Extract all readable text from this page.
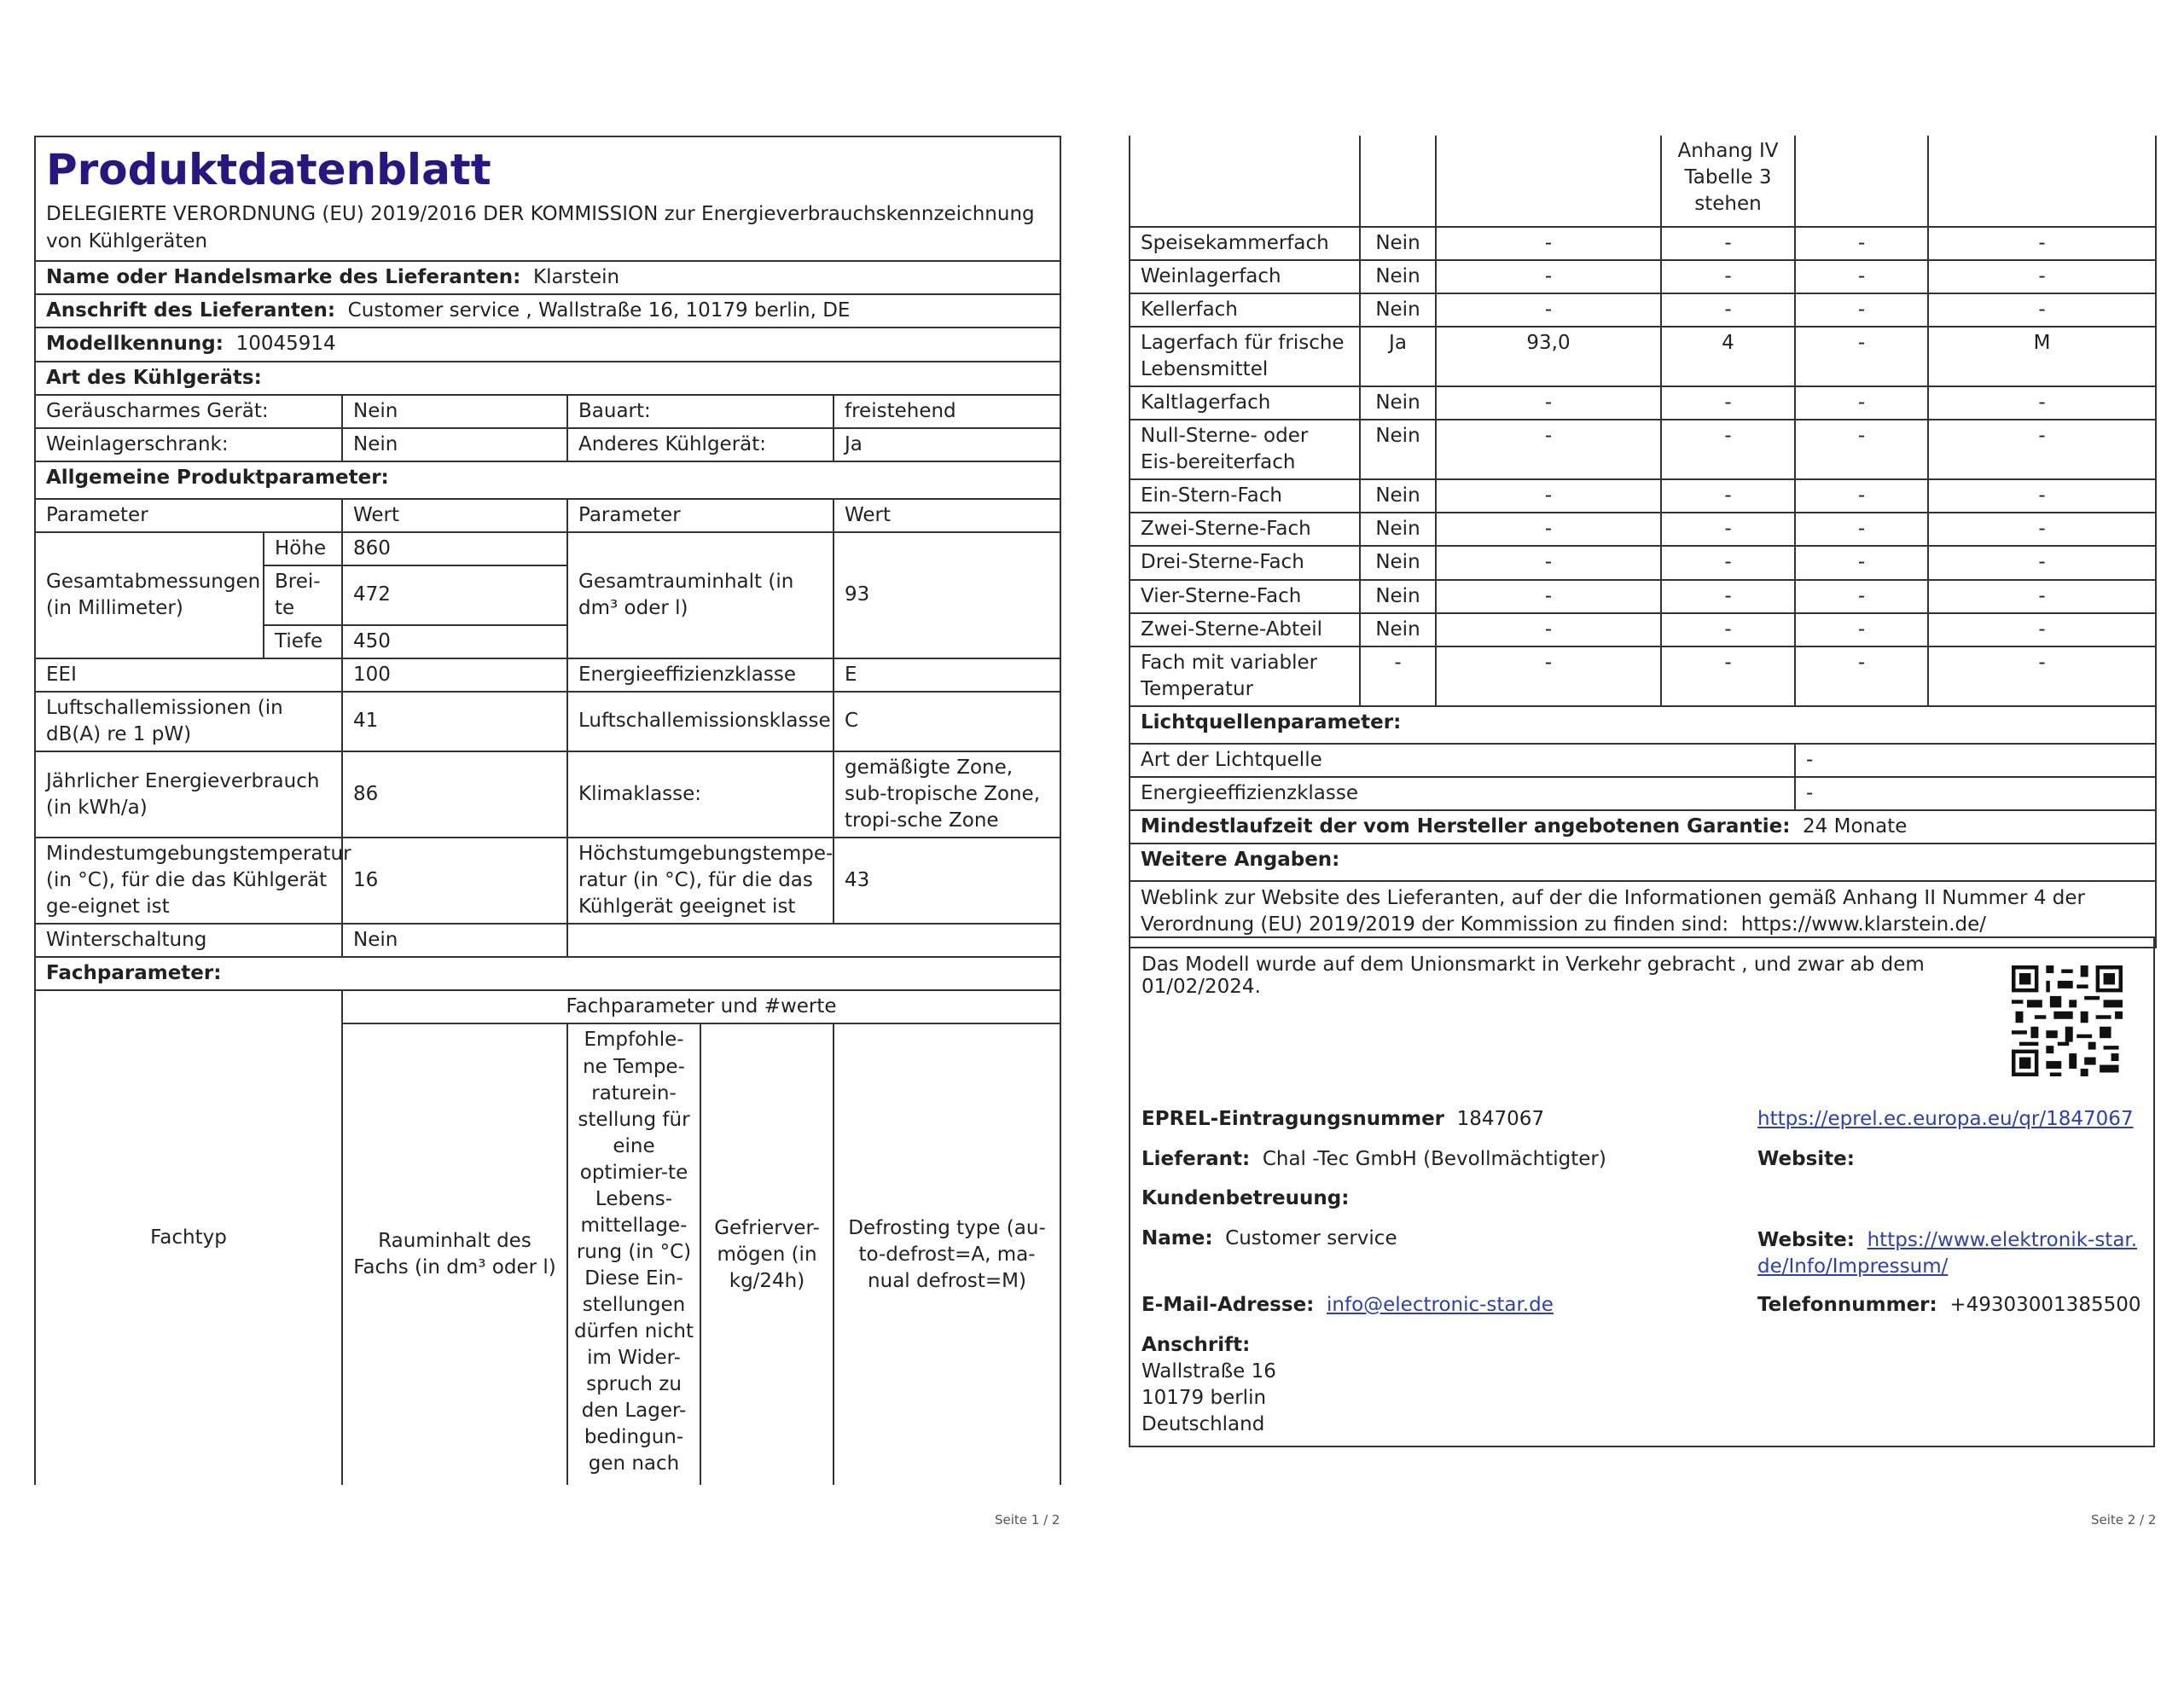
Produktdatenblatt
DELEGIERTE VERORDNUNG (EU) 2019/2016 DER KOMMISSION zur Energieverbrauchskennzeichnung von Kühlgeräten					

Name oder Handelsmarke des Lieferanten: Klarstein					
Anschrift des Lieferanten: Customer service , Wallstraße 16, 10179 berlin, DE					
Modellkennung: 10045914					
Art des Kühlgeräts:					
Geräuscharmes Gerät:		Nein	Bauart:		freistehend
Weinlagerschrank:		Nein	Anderes Kühlgerät:		Ja
Allgemeine Produktparameter:					
Parameter		Wert	Parameter		Wert
Gesamtabmessungen (in Millimeter)	Höhe	860	Gesamtrauminhalt (in dm³ oder l)		93
	Brei-te	472			
	Tiefe	450			
EEI		100	Energieeffizienzklasse		E
Luftschallemissionen (in dB(A) re 1 pW)		41	Luftschallemissionsklasse		C
Jährlicher Energieverbrauch (in kWh/a)		86	Klimaklasse:		gemäßigte Zone, sub-tropische Zone, tropi-sche Zone
Mindestumgebungstemperatur (in °C), für die das Kühlgerät ge-eignet ist		16	Höchstumgebungstempe-ratur (in °C), für die das Kühlgerät geeignet ist		43
Winterschaltung		Nein			
Fachparameter:					
Fachtyp		Fachparameter und #werte			
		Rauminhalt des Fachs (in dm³ oder l)	Empfohle-ne Tempe-raturein-stellung für eine optimier-te Lebens-mittellage-rung (in °C) Diese Ein-stellungen dürfen nicht im Wider-spruch zu den Lager-bedingun-gen nach	Gefrierver-mögen (in kg/24h)	Defrosting type (au-to-defrost=A, ma-nual defrost=M)
Seite 1 / 2
			Anhang IV Tabelle 3 stehen		
Speisekammerfach	Nein	-	-	-	-
Weinlagerfach	Nein	-	-	-	-
Kellerfach	Nein	-	-	-	-
Lagerfach für frische Lebensmittel	Ja	93,0	4	-	M
Kaltlagerfach	Nein	-	-	-	-
Null-Sterne- oder Eis-bereiterfach	Nein	-	-	-	-
Ein-Stern-Fach	Nein	-	-	-	-
Zwei-Sterne-Fach	Nein	-	-	-	-
Drei-Sterne-Fach	Nein	-	-	-	-
Vier-Sterne-Fach	Nein	-	-	-	-
Zwei-Sterne-Abteil	Nein	-	-	-	-
Fach mit variabler Temperatur	-	-	-	-	-
Lichtquellenparameter:					
Art der Lichtquelle				-	
Energieeffizienzklasse				-	
Mindestlaufzeit der vom Hersteller angebotenen Garantie: 24 Monate					
Weitere Angaben:					
Weblink zur Website des Lieferanten, auf der die Informationen gemäß Anhang II Nummer 4 der Verordnung (EU) 2019/2019 der Kommission zu finden sind: https://www.klarstein.de/					
Das Modell wurde auf dem Unionsmarkt in Verkehr gebracht , und zwar ab dem 01/02/2024.
EPREL-Eintragungsnummer 1847067	https://eprel.ec.europa.eu/qr/1847067
Lieferant: Chal -Tec GmbH (Bevollmächtigter)	Website:
Kundenbetreuung:
Name: Customer service	Website: https://www.elektronik-star.de/Info/Impressum/
E-Mail-Adresse: info@electronic-star.de	Telefonnummer: +49303001385500
Anschrift:
Wallstraße 16
10179 berlin
Deutschland
Seite 2 / 2
